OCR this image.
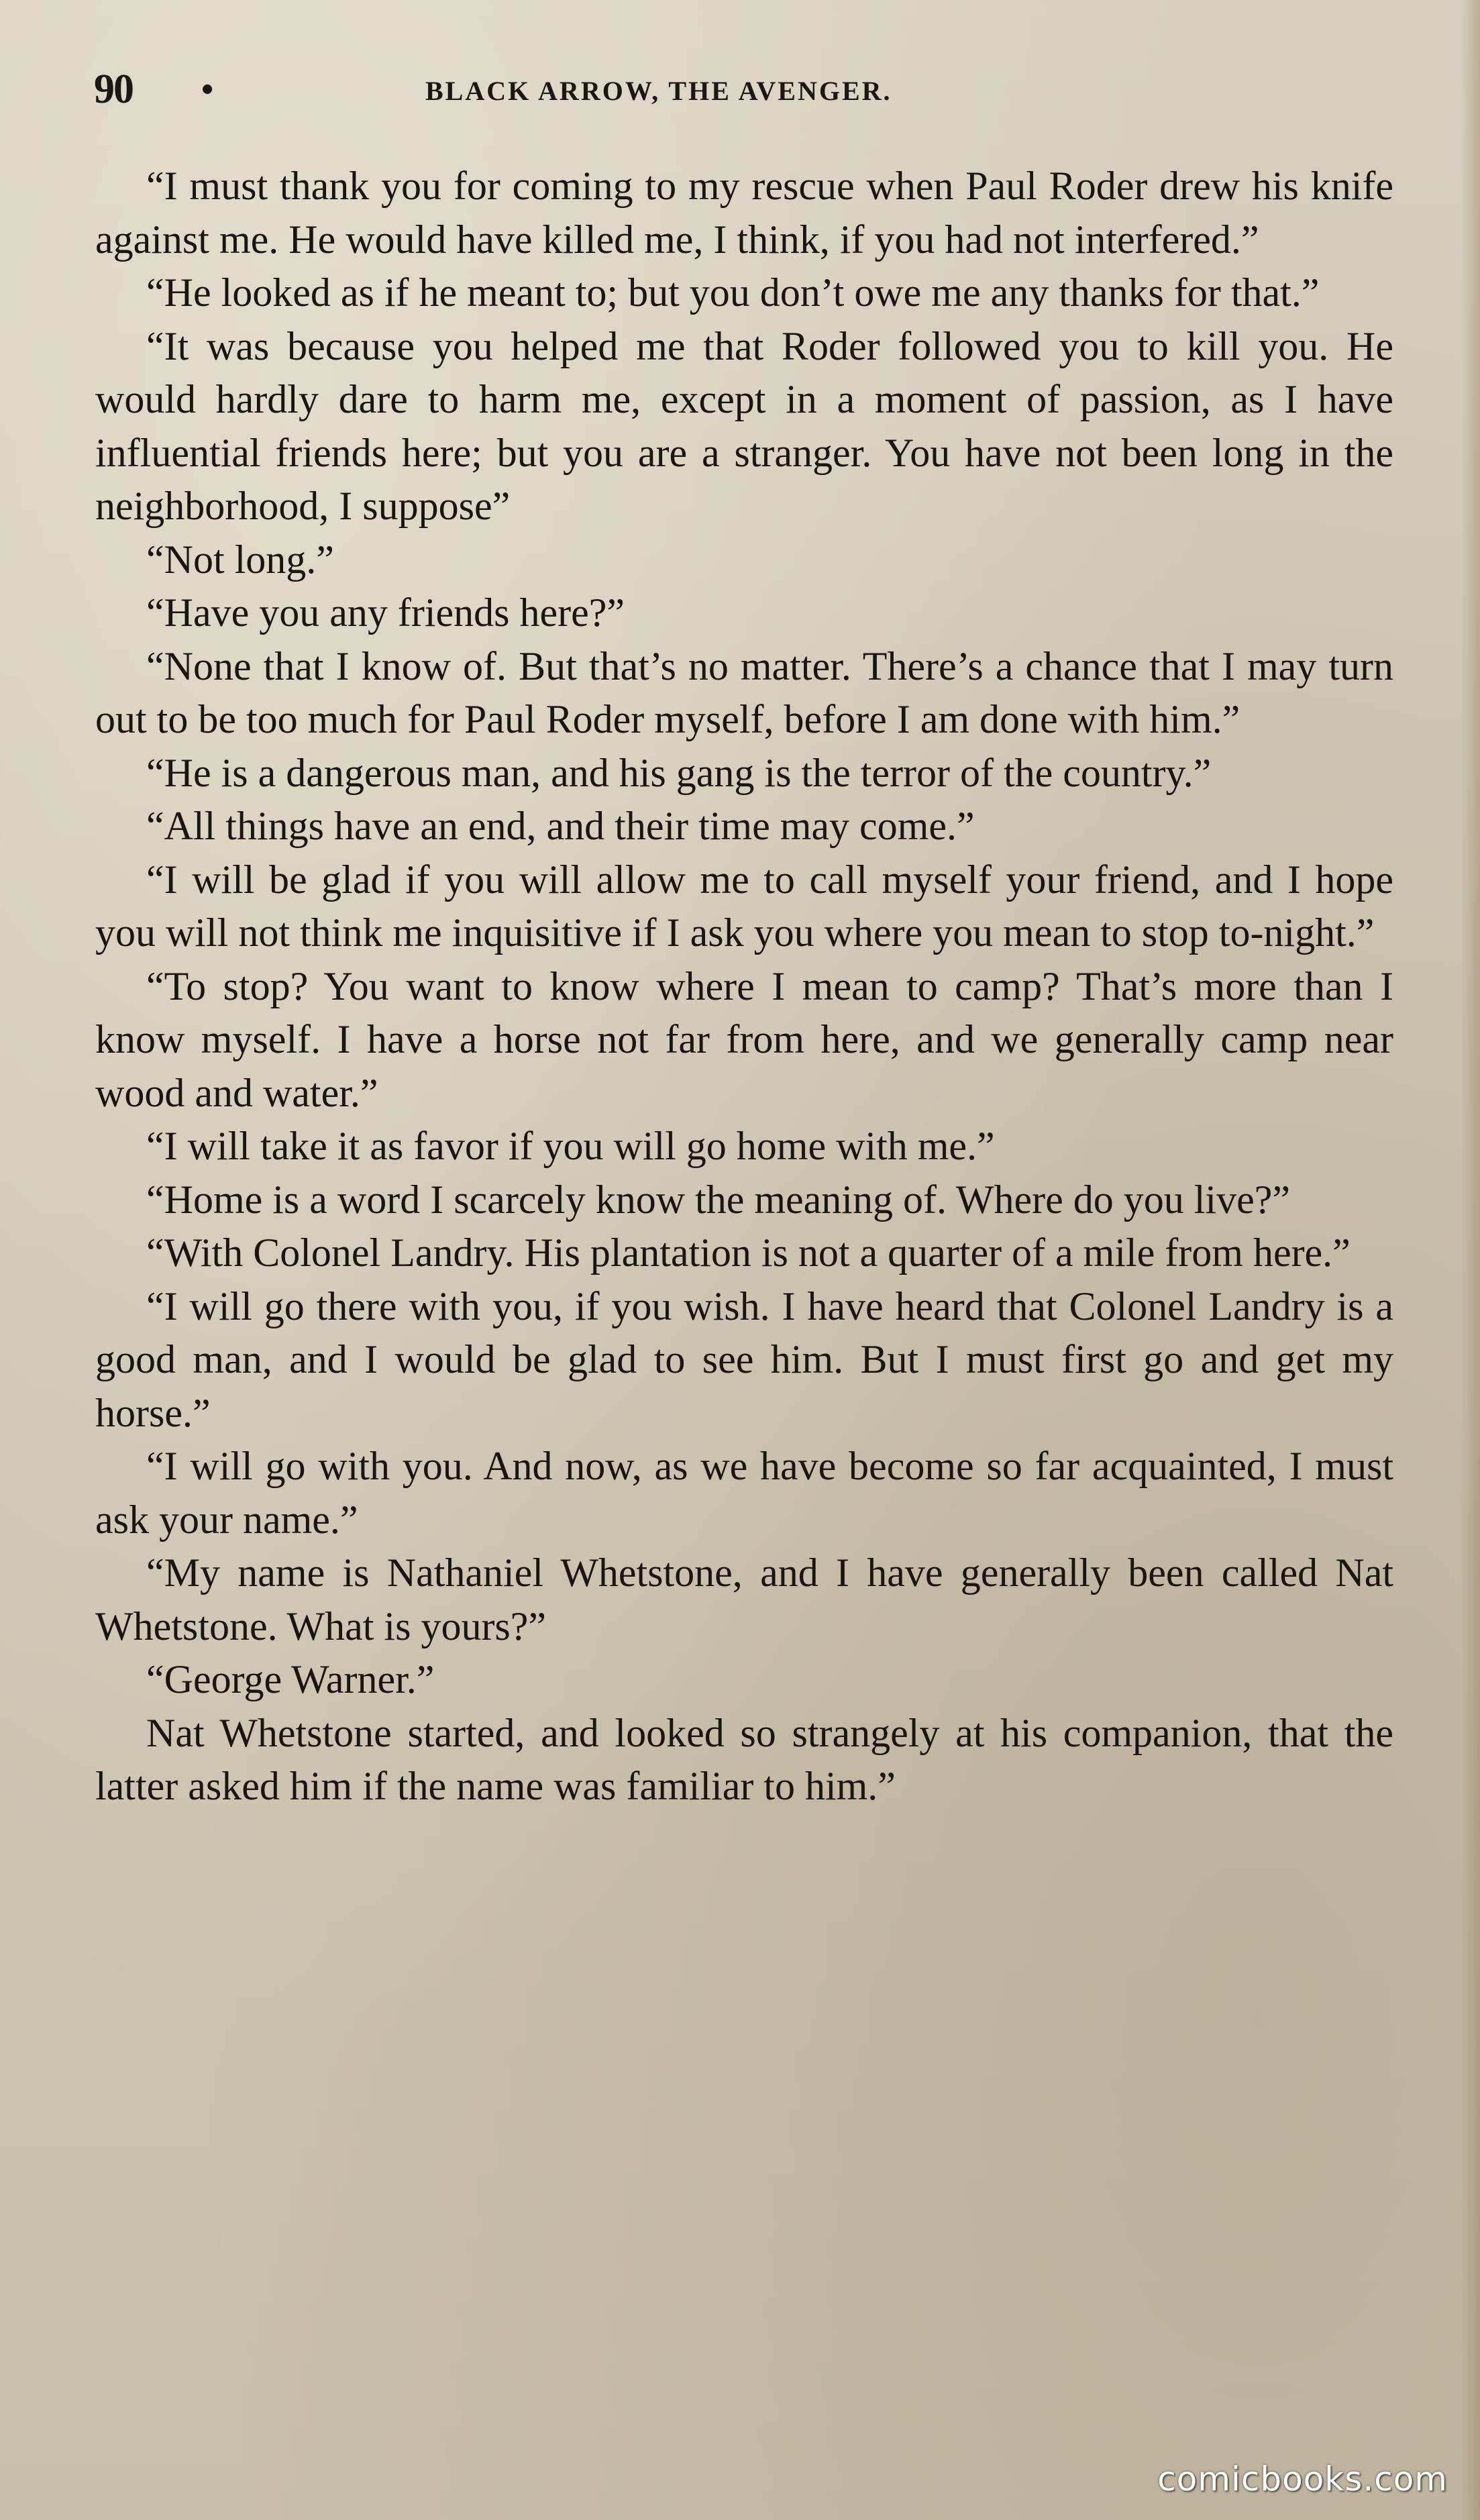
90 •	BLACK ARROW, THE AVENGER.

“I must thank you for coming to my rescue when Paul Roder drew his knife against me. He would have killed me, I think, if you had not interfered.”

“He looked as if he meant to; but you don’t owe me any thanks for that.”

“It was because you helped me that Roder followed you to kill you. He would hardly dare to harm me, except in a moment of passion, as I have influential friends here; but you are a stranger. You have not been long in the neighborhood, I suppose”

“Not long.”

“Have you any friends here?”

“None that I know of. But that’s no matter. There’s a chance that I may turn out to be too much for Paul Roder myself, before I am done with him.”

“He is a dangerous man, and his gang is the terror of the country.”

“All things have an end, and their time may come.”

“I will be glad if you will allow me to call myself your friend, and I hope you will not think me inquisitive if I ask you where you mean to stop to-night.”

“To stop? You want to know where I mean to camp? That’s more than I know myself. I have a horse not far from here, and we generally camp near wood and water.”

“I will take it as favor if you will go home with me.”

“Home is a word I scarcely know the meaning of. Where do you live?”

“With Colonel Landry. His plantation is not a quarter of a mile from here.”

“I will go there with you, if you wish. I have heard that Colonel Landry is a good man, and I would be glad to see him. But I must first go and get my horse.”

“I will go with you. And now, as we have become so far acquainted, I must ask your name.”

“My name is Nathaniel Whetstone, and I have generally been called Nat Whetstone. What is yours?”

“George Warner.”

Nat Whetstone started, and looked so strangely at his companion, that the latter asked him if the name was familiar to him.”

comicbooks.com
